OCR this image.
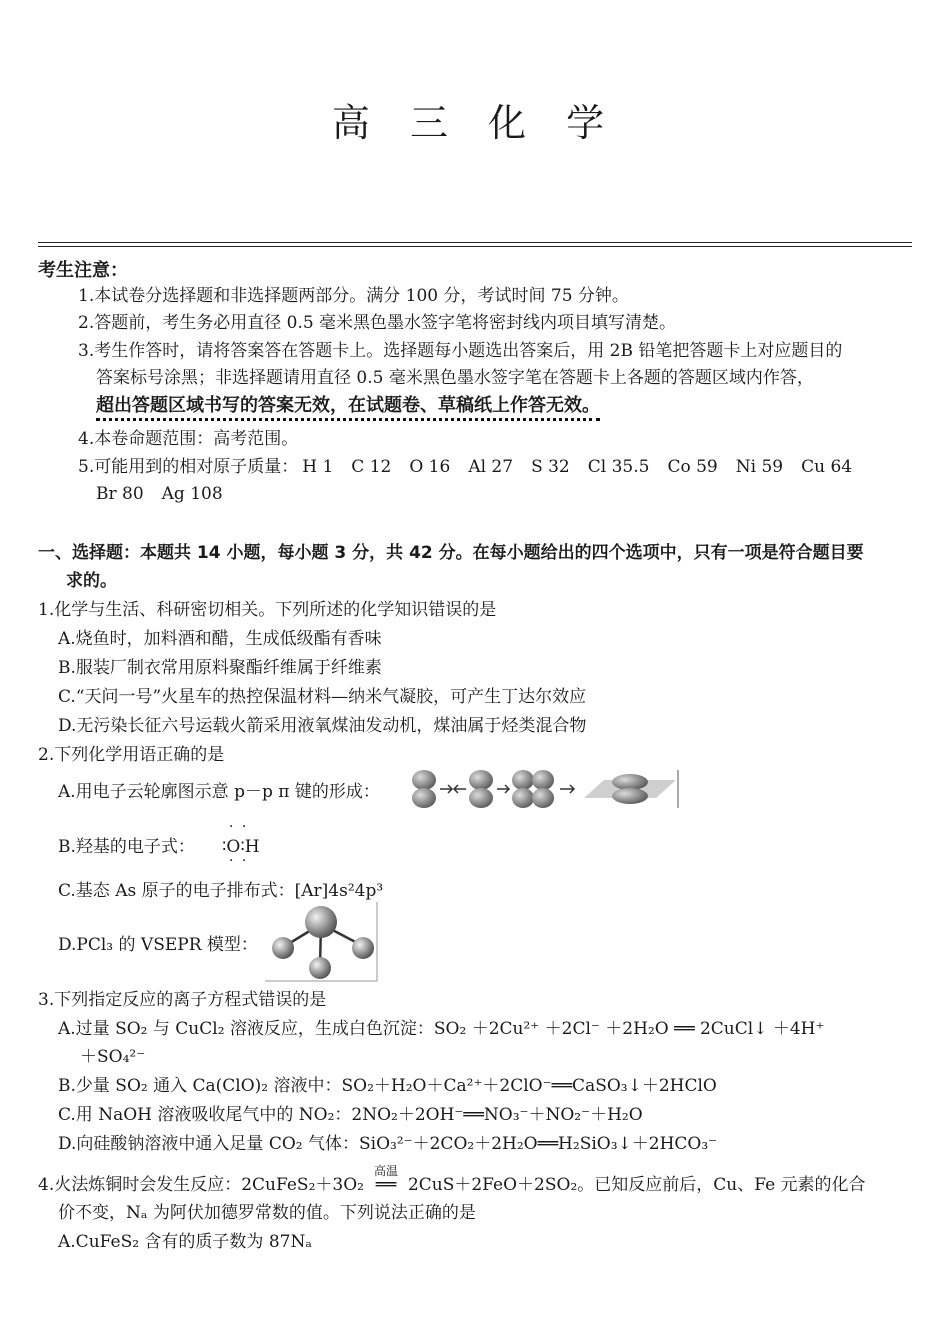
高 三 化 学
考生注意：
1.本试卷分选择题和非选择题两部分。满分 100 分，考试时间 75 分钟。
2.答题前，考生务必用直径 0.5 毫米黑色墨水签字笔将密封线内项目填写清楚。
3.考生作答时，请将答案答在答题卡上。选择题每小题选出答案后，用 2B 铅笔把答题卡上对应题目的
答案标号涂黑；非选择题请用直径 0.5 毫米黑色墨水签字笔在答题卡上各题的答题区域内作答，
超出答题区域书写的答案无效，在试题卷、草稿纸上作答无效。
4.本卷命题范围：高考范围。
5.可能用到的相对原子质量： H 1 C 12 O 16 Al 27 S 32 Cl 35.5 Co 59 Ni 59 Cu 64
Br 80 Ag 108
一、选择题：本题共 14 小题，每小题 3 分，共 42 分。在每小题给出的四个选项中，只有一项是符合题目要
求的。
1.化学与生活、科研密切相关。下列所述的化学知识错误的是
A.烧鱼时，加料酒和醋，生成低级酯有香味
B.服装厂制衣常用原料聚酯纤维属于纤维素
C.“天问一号”火星车的热控保温材料—纳米气凝胶，可产生丁达尔效应
D.无污染长征六号运载火箭采用液氧煤油发动机，煤油属于烃类混合物
2.下列化学用语正确的是
A.用电子云轮廓图示意 p－p π 键的形成：
B.羟基的电子式：
· ·
∶O∶H
· ·
C.基态 As 原子的电子排布式：[Ar]4s²4p³
D.PCl₃ 的 VSEPR 模型：
3.下列指定反应的离子方程式错误的是
A.过量 SO₂ 与 CuCl₂ 溶液反应，生成白色沉淀：SO₂ ＋2Cu²⁺ ＋2Cl⁻ ＋2H₂O ══ 2CuCl↓ ＋4H⁺
＋SO₄²⁻
B.少量 SO₂ 通入 Ca(ClO)₂ 溶液中：SO₂＋H₂O＋Ca²⁺＋2ClO⁻══CaSO₃↓＋2HClO
C.用 NaOH 溶液吸收尾气中的 NO₂：2NO₂＋2OH⁻══NO₃⁻＋NO₂⁻＋H₂O
D.向硅酸钠溶液中通入足量 CO₂ 气体：SiO₃²⁻＋2CO₂＋2H₂O══H₂SiO₃↓＋2HCO₃⁻
4.火法炼铜时会发生反应：2CuFeS₂＋3O₂
高温
══ 2CuS＋2FeO＋2SO₂。已知反应前后，Cu、Fe 元素的化合
价不变，Nₐ 为阿伏加德罗常数的值。下列说法正确的是
A.CuFeS₂ 含有的质子数为 87Nₐ
